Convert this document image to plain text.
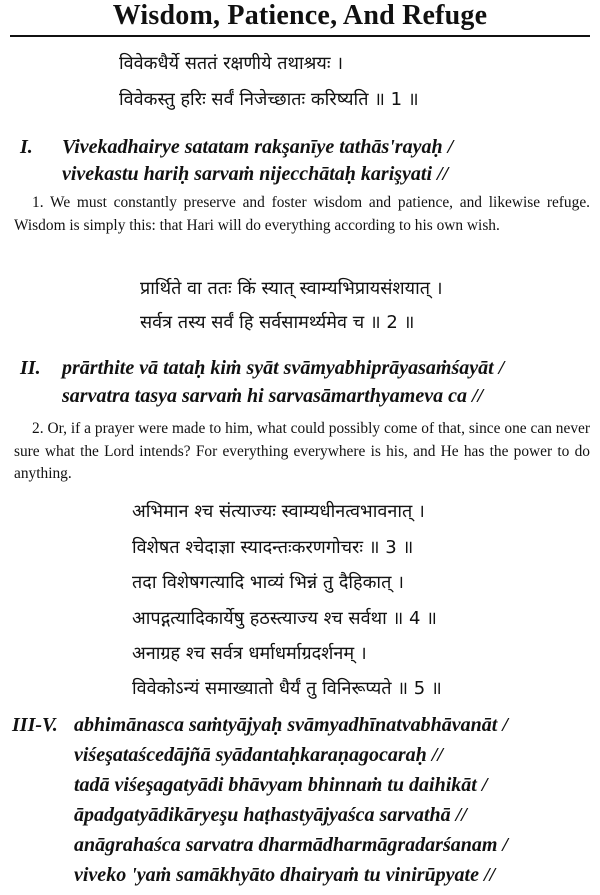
Wisdom, Patience, And Refuge
विवेकधैर्ये सततं रक्षणीये तथाश्रयः ।
विवेकस्तु हरिः सर्वं निजेच्छातः करिष्यति ॥ 1 ॥
I. Vivekadhairye satatam rakşanīye tathās'rayaḥ /
vivekastu hariḥ sarvaṁ nijecchātaḥ karişyati //
1. We must constantly preserve and foster wisdom and patience, and likewise refuge. Wisdom is simply this: that Hari will do everything according to his own wish.
प्रार्थिते वा ततः किं स्यात् स्वाम्यभिप्रायसंशयात् ।
सर्वत्र तस्य सर्वं हि सर्वसामर्थ्यमेव च ॥ 2 ॥
II. prārthite vā tataḥ kiṁ syāt svāmyabhiprāyasaṁśayāt /
sarvatra tasya sarvaṁ hi sarvasāmarthyameva ca //
2. Or, if a prayer were made to him, what could possibly come of that, since one can never sure what the Lord intends? For everything everywhere is his, and He has the power to do anything.
अभिमान श्च संत्याज्यः स्वाम्यधीनत्वभावनात् ।
विशेषत श्चेदाज्ञा स्यादन्तःकरणगोचरः ॥ 3 ॥
तदा विशेषगत्यादि भाव्यं भिन्नं तु दैहिकात् ।
आपद्गत्यादिकार्येषु हठस्त्याज्य श्च सर्वथा ॥ 4 ॥
अनाग्रह श्च सर्वत्र धर्माधर्माग्रदर्शनम् ।
विवेकोऽन्यं समाख्यातो धैर्यं तु विनिरूप्यते ॥ 5 ॥
III-V. abhimānasca saṁtyājyaḥ svāmyadhīnatvabhāvanāt /
viśeşataścedājñā syādantaḥkaraṇagocaraḥ //
tadā viśeşagatyādi bhāvyam bhinnaṁ tu daihikāt /
āpadgatyādikāryeşu haṭhastyājyaśca sarvathā //
anāgrahaśca sarvatra dharmādharmāgradarśanam /
viveko 'yaṁ samākhyāto dhairyaṁ tu vinirūpyate //
